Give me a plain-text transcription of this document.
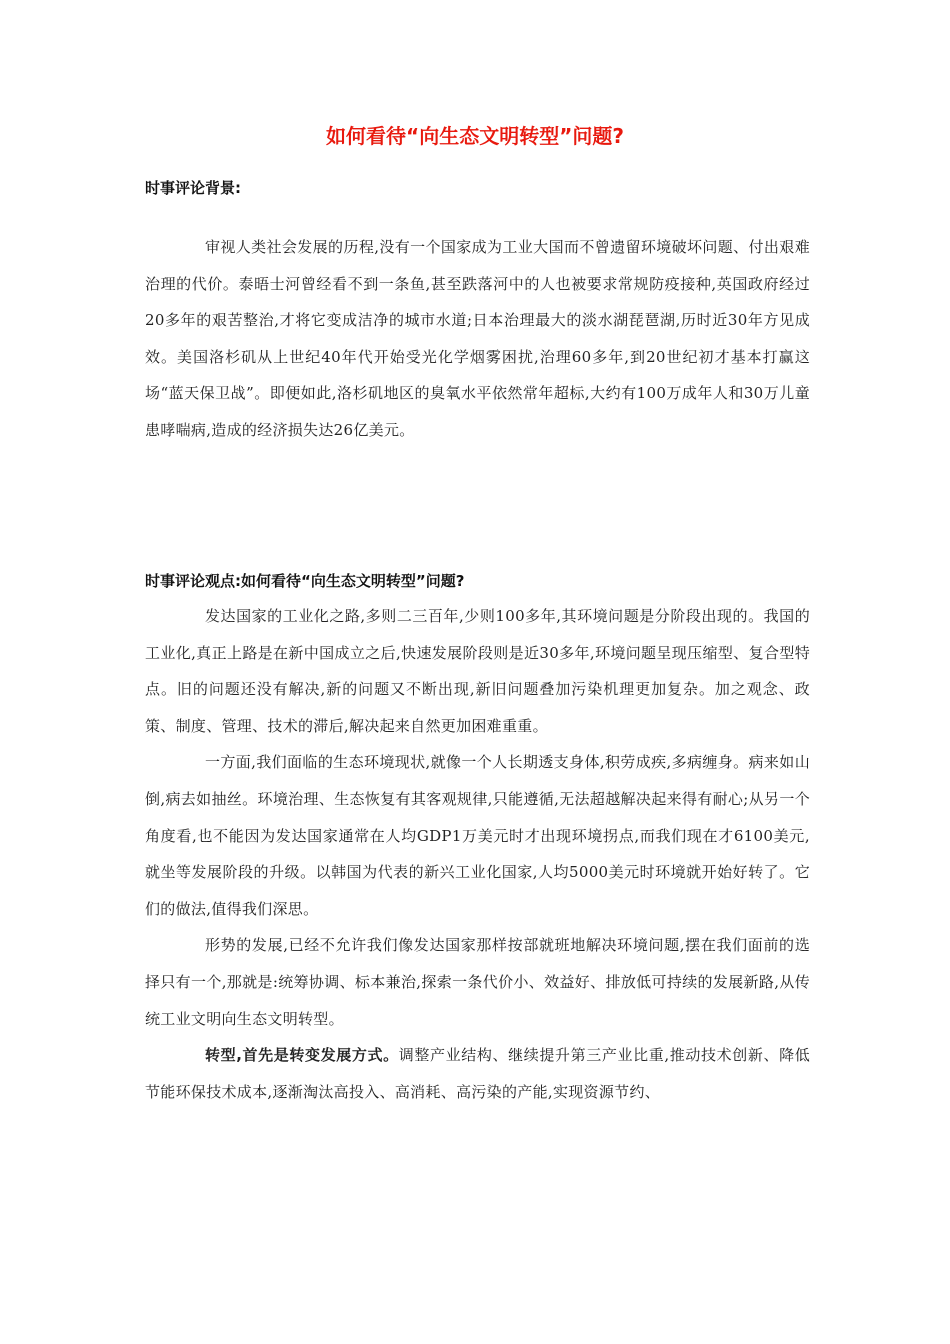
如何看待“向生态文明转型”问题?
时事评论背景:

审视人类社会发展的历程,没有一个国家成为工业大国而不曾遗留环境破坏问题、付出艰难治理的代价。泰晤士河曾经看不到一条鱼,甚至跌落河中的人也被要求常规防疫接种,英国政府经过20多年的艰苦整治,才将它变成洁净的城市水道;日本治理最大的淡水湖琵琶湖,历时近30年方见成效。美国洛杉矶从上世纪40年代开始受光化学烟雾困扰,治理60多年,到20世纪初才基本打赢这场“蓝天保卫战”。即便如此,洛杉矶地区的臭氧水平依然常年超标,大约有100万成年人和30万儿童患哮喘病,造成的经济损失达26亿美元。

时事评论观点:如何看待“向生态文明转型”问题?

发达国家的工业化之路,多则二三百年,少则100多年,其环境问题是分阶段出现的。我国的工业化,真正上路是在新中国成立之后,快速发展阶段则是近30多年,环境问题呈现压缩型、复合型特点。旧的问题还没有解决,新的问题又不断出现,新旧问题叠加污染机理更加复杂。加之观念、政策、制度、管理、技术的滞后,解决起来自然更加困难重重。

一方面,我们面临的生态环境现状,就像一个人长期透支身体,积劳成疾,多病缠身。病来如山倒,病去如抽丝。环境治理、生态恢复有其客观规律,只能遵循,无法超越解决起来得有耐心;从另一个角度看,也不能因为发达国家通常在人均GDP1万美元时才出现环境拐点,而我们现在才6100美元,就坐等发展阶段的升级。以韩国为代表的新兴工业化国家,人均5000美元时环境就开始好转了。它们的做法,值得我们深思。

形势的发展,已经不允许我们像发达国家那样按部就班地解决环境问题,摆在我们面前的选择只有一个,那就是:统筹协调、标本兼治,探索一条代价小、效益好、排放低可持续的发展新路,从传统工业文明向生态文明转型。

转型,首先是转变发展方式。调整产业结构、继续提升第三产业比重,推动技术创新、降低节能环保技术成本,逐渐淘汰高投入、高消耗、高污染的产能,实现资源节约、
